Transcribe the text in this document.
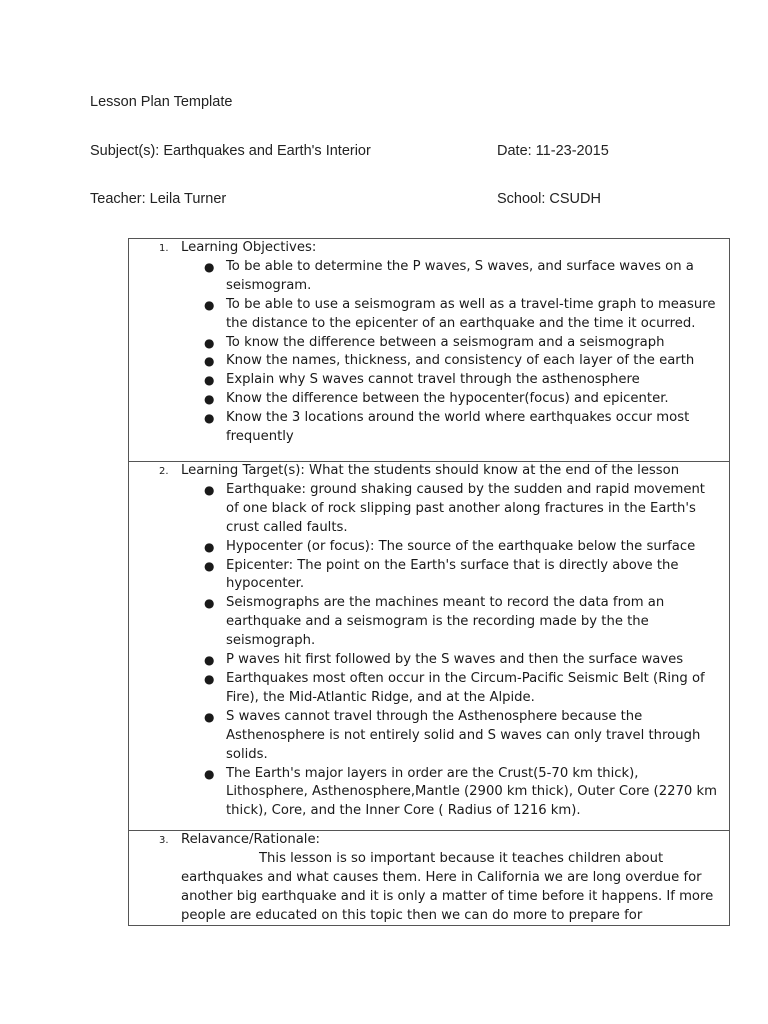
Lesson Plan Template
Subject(s): Earthquakes and Earth's Interior	Date: 11-23-2015
Teacher: Leila Turner	School: CSUDH
1. Learning Objectives:
● To be able to determine the P waves, S waves, and surface waves on a seismogram.
● To be able to use a seismogram as well as a travel-time graph to measure the distance to the epicenter of an earthquake and the time it ocurred.
● To know the difference between a seismogram and a seismograph
● Know the names, thickness, and consistency of each layer of the earth
● Explain why S waves cannot travel through the asthenosphere
● Know the difference between the hypocenter(focus) and epicenter.
● Know the 3 locations around the world where earthquakes occur most frequently
2. Learning Target(s): What the students should know at the end of the lesson
● Earthquake: ground shaking caused by the sudden and rapid movement of one black of rock slipping past another along fractures in the Earth's crust called faults.
● Hypocenter (or focus): The source of the earthquake below the surface
● Epicenter: The point on the Earth's surface that is directly above the hypocenter.
● Seismographs are the machines meant to record the data from an earthquake and a seismogram is the recording made by the the seismograph.
● P waves hit first followed by the S waves and then the surface waves
● Earthquakes most often occur in the Circum-Pacific Seismic Belt (Ring of Fire), the Mid-Atlantic Ridge, and at the Alpide.
● S waves cannot travel through the Asthenosphere because the Asthenosphere is not entirely solid and S waves can only travel through solids.
● The Earth's major layers in order are the Crust(5-70 km thick), Lithosphere, Asthenosphere,Mantle (2900 km thick), Outer Core (2270 km thick), Core, and the Inner Core ( Radius of 1216 km).
3. Relavance/Rationale:
This lesson is so important because it teaches children about earthquakes and what causes them. Here in California we are long overdue for another big earthquake and it is only a matter of time before it happens. If more people are educated on this topic then we can do more to prepare for
